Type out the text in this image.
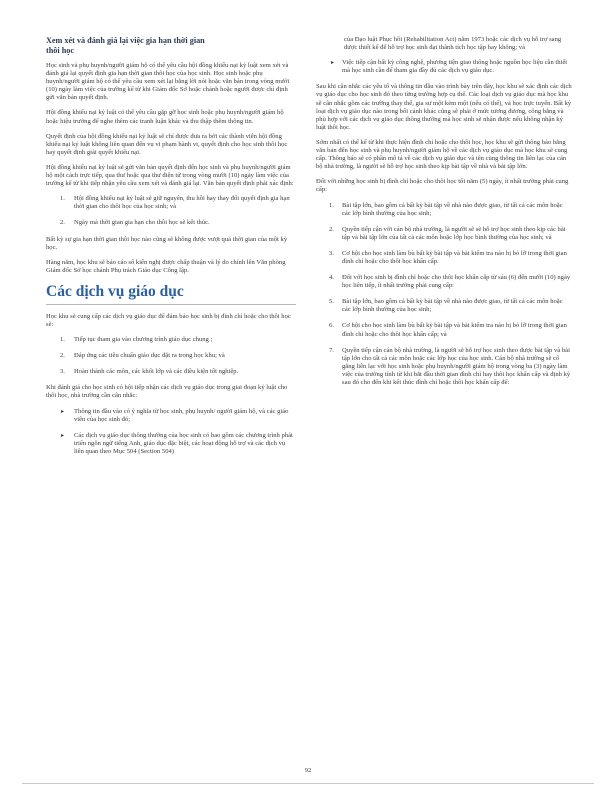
Xem xét và đánh giá lại việc gia hạn thời gian thôi học

Học sinh và phụ huynh/người giám hộ có thể yêu cầu hội đồng khiếu nại kỷ luật xem xét và đánh giá lại quyết định gia hạn thời gian thôi học của học sinh. Học sinh hoặc phụ huynh/người giám hộ có thể yêu cầu xem xét lại bằng lời nói hoặc văn bản trong vòng mười (10) ngày làm việc của trường kể từ khi Giám đốc Sở hoặc chánh hoặc người được chỉ định gửi văn bản quyết định.

Hội đồng khiếu nại kỷ luật có thể yêu cầu gặp gỡ học sinh hoặc phụ huynh/người giám hộ hoặc hiệu trưởng để nghe thêm các tranh luận khác và thu thập thêm thông tin.

Quyết định của hội đồng khiếu nại kỷ luật sẽ chỉ được đưa ra bởi các thành viên hội đồng khiếu nại kỷ luật không liên quan đến vụ vi phạm hành vi, quyết định cho học sinh thôi học hay quyết định giải quyết khiếu nại.

Hội đồng khiếu nại kỷ luật sẽ gửi văn bản quyết định đến học sinh và phụ huynh/người giám hộ một cách trực tiếp, qua thư hoặc qua thư điện tử trong vòng mười (10) ngày làm việc của trường kể từ khi tiếp nhận yêu cầu xem xét và đánh giá lại. Văn bản quyết định phải xác định:

1. Hội đồng khiếu nại kỷ luật sẽ giữ nguyên, thu hồi hay thay đổi quyết định gia hạn thời gian cho thôi học của học sinh; và
2. Ngày mà thời gian gia hạn cho thôi học sẽ kết thúc.

Bất kỳ sự gia hạn thời gian thôi học nào cũng sẽ không được vượt quá thời gian của một kỳ học.

Hàng năm, học khu sẽ báo cáo số kiến nghị được chấp thuận và lý do chính lên Văn phòng Giám đốc Sở học chánh Phụ trách Giáo dục Công lập.

Các dịch vụ giáo dục

Học khu sẽ cung cấp các dịch vụ giáo dục để đảm bảo học sinh bị đình chỉ hoặc cho thôi học sẽ:

1. Tiếp tục tham gia vào chương trình giáo dục chung ;
2. Đáp ứng các tiêu chuẩn giáo dục đặt ra trong học khu; và
3. Hoàn thành các môn, các khối lớp và các điều kiện tốt nghiệp.

Khi đánh giá cho học sinh có hội tiếp nhận các dịch vụ giáo dục trong giai đoạn kỷ luật cho thôi học, nhà trường cần cân nhắc:

▸ Thông tin đầu vào có ý nghĩa từ học sinh, phụ huynh/ người giám hộ, và các giáo viên của học sinh đó;
▸ Các dịch vụ giáo dục thông thường của học sinh có bao gồm các chương trình phát triển ngôn ngữ tiếng Anh, giáo dục đặc biệt, các hoạt động hỗ trợ và các dịch vụ liên quan theo Mục 504 (Section 504)

của Đạo luật Phục hồi (Rehabilitation Act) năm 1973 hoặc các dịch vụ hỗ trợ sang được thiết kế để hỗ trợ học sinh đạt thành tích học tập hay không; và

▸ Việc tiếp cận bất kỳ công nghệ, phương tiện giao thông hoặc nguồn học liệu cần thiết mà học sinh cần để tham gia đầy đủ các dịch vụ giáo dục.

Sau khi cân nhắc các yếu tố và thông tin đầu vào trình bày trên đây, học khu sẽ xác định các dịch vụ giáo dục cho học sinh đó theo từng trường hợp cụ thể. Các loại dịch vụ giáo dục mà học khu sẽ cân nhắc gồm các trường thay thế, gia sư một kèm một (nếu có thể), và học trực tuyến. Bất kỳ loại dịch vụ giáo dục nào trong bối cảnh khác cũng sẽ phải ở mức tương đương, công bằng và phù hợp với các dịch vụ giáo dục thông thường mà học sinh sẽ nhận được nếu không nhận kỷ luật thôi học.

Sớm nhất có thể kể từ khi thực hiện đình chỉ hoặc cho thôi học, học khu sẽ gửi thông báo bằng văn bản đến học sinh và phụ huynh/người giám hộ về các dịch vụ giáo dục mà học khu sẽ cung cấp. Thông báo sẽ có phần mô tả về các dịch vụ giáo dục và tên cùng thông tin liên lạc của cán bộ nhà trường, là người sẽ hỗ trợ học sinh theo kịp bài tập về nhà và bài tập lớn.

Đối với những học sinh bị đình chỉ hoặc cho thôi học tối năm (5) ngày, ít nhất trường phải cung cấp:

1. Bài tập lớn, bao gồm cả bất kỳ bài tập về nhà nào được giao, từ tất cả các môn hoặc các lớp bình thường của học sinh;
2. Quyền tiếp cận với cán bộ nhà trường, là người sẽ sẽ hỗ trợ học sinh theo kịp các bài tập và bài tập lớn của tất cả các môn hoặc lớp học bình thường của học sinh; và
3. Cơ hội cho học sinh làm bù bất kỳ bài tập và bài kiểm tra nào bị bỏ lỡ trong thời gian đình chỉ hoặc cho thôi học khẩn cấp.
4. Đối với học sinh bị đình chỉ hoặc cho thôi học khẩn cấp từ sáu (6) đến mười (10) ngày học liên tiếp, ít nhất trường phải cung cấp:
5. Bài tập lớn, bao gồm cả bất kỳ bài tập về nhà nào được giao, từ tất cả các môn hoặc các lớp bình thường của học sinh;
6. Cơ hội cho học sinh làm bù bất kỳ bài tập và bài kiểm tra nào bị bỏ lỡ trong thời gian đình chỉ hoặc cho thôi học khẩn cấp; và
7. Quyền tiếp cận cán bộ nhà trường, là người sẽ hỗ trợ học sinh theo được bài tập và bài tập lớn cho tất cả các môn hoặc các lớp học của học sinh. Cán bộ nhà trường sẽ cố gắng liên lạc với học sinh hoặc phụ huynh/người giám hộ trong vòng ba (3) ngày làm việc của trường tính từ khi bắt đầu thời gian đình chỉ hay thôi học khẩn cấp và định kỳ sau đó cho đến khi kết thúc đình chỉ hoặc thôi học khẩn cấp để:
92
